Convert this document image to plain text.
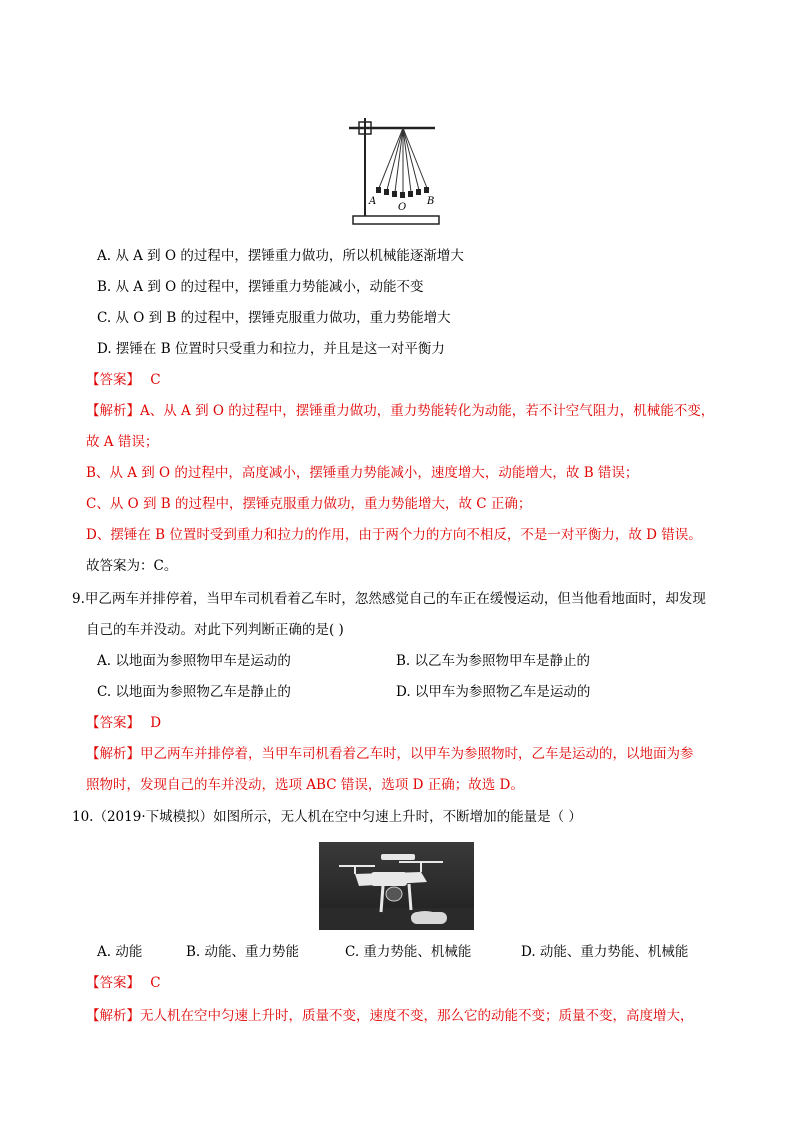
A
O
B
A. 从 A 到 O 的过程中，摆锤重力做功，所以机械能逐渐增大
B. 从 A 到 O 的过程中，摆锤重力势能减小，动能不变
C. 从 O 到 B 的过程中，摆锤克服重力做功，重力势能增大
D. 摆锤在 B 位置时只受重力和拉力，并且是这一对平衡力
【答案】 C
【解析】A、从 A 到 O 的过程中，摆锤重力做功，重力势能转化为动能，若不计空气阻力，机械能不变，
故 A 错误；
B、从 A 到 O 的过程中，高度减小，摆锤重力势能减小，速度增大，动能增大，故 B 错误；
C、从 O 到 B 的过程中，摆锤克服重力做功，重力势能增大，故 C 正确；
D、摆锤在 B 位置时受到重力和拉力的作用，由于两个力的方向不相反，不是一对平衡力，故 D 错误。
故答案为：C。
9.甲乙两车并排停着，当甲车司机看着乙车时，忽然感觉自己的车正在缓慢运动，但当他看地面时，却发现
自己的车并没动。对此下列判断正确的是( )
A. 以地面为参照物甲车是运动的	B. 以乙车为参照物甲车是静止的
C. 以地面为参照物乙车是静止的	D. 以甲车为参照物乙车是运动的
【答案】 D
【解析】甲乙两车并排停着，当甲车司机看着乙车时，以甲车为参照物时，乙车是运动的，以地面为参
照物时，发现自己的车并没动，选项 ABC 错误，选项 D 正确；故选 D。
10.（2019·下城模拟）如图所示，无人机在空中匀速上升时，不断增加的能量是（ ）
A. 动能	B. 动能、重力势能	C. 重力势能、机械能	D. 动能、重力势能、机械能
【答案】 C
【解析】无人机在空中匀速上升时，质量不变，速度不变，那么它的动能不变；质量不变，高度增大，
